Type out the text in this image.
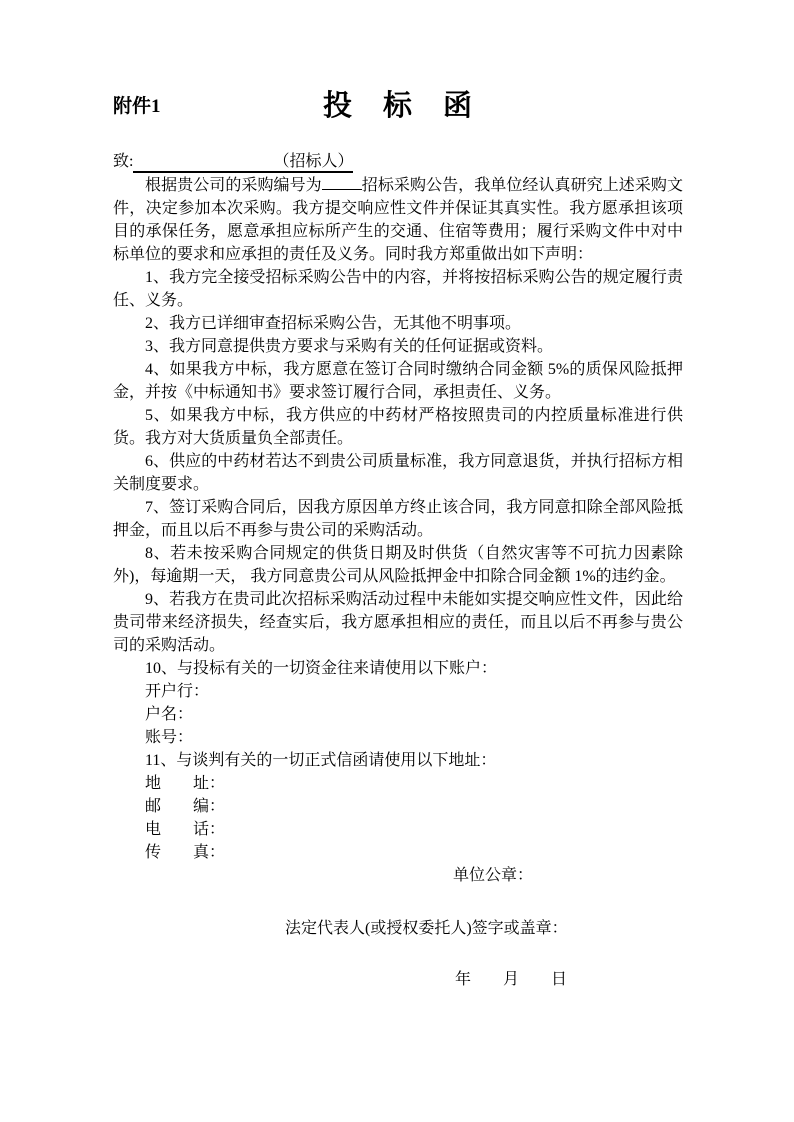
附件1	投　标　函

致:	（招标人）

根据贵公司的采购编号为	招标采购公告，我单位经认真研究上述采购文件，决定参加本次采购。我方提交响应性文件并保证其真实性。我方愿承担该项目的承保任务，愿意承担应标所产生的交通、住宿等费用；履行采购文件中对中标单位的要求和应承担的责任及义务。同时我方郑重做出如下声明：

1、我方完全接受招标采购公告中的内容，并将按招标采购公告的规定履行责任、义务。

2、我方已详细审查招标采购公告，无其他不明事项。

3、我方同意提供贵方要求与采购有关的任何证据或资料。

4、如果我方中标，我方愿意在签订合同时缴纳合同金额 5%的质保风险抵押金，并按《中标通知书》要求签订履行合同，承担责任、义务。

5、如果我方中标，我方供应的中药材严格按照贵司的内控质量标准进行供货。我方对大货质量负全部责任。

6、供应的中药材若达不到贵公司质量标准，我方同意退货，并执行招标方相关制度要求。

7、签订采购合同后，因我方原因单方终止该合同，我方同意扣除全部风险抵押金，而且以后不再参与贵公司的采购活动。

8、若未按采购合同规定的供货日期及时供货（自然灾害等不可抗力因素除外)，每逾期一天， 我方同意贵公司从风险抵押金中扣除合同金额 1%的违约金。

9、若我方在贵司此次招标采购活动过程中未能如实提交响应性文件，因此给贵司带来经济损失，经查实后，我方愿承担相应的责任，而且以后不再参与贵公司的采购活动。

10、与投标有关的一切资金往来请使用以下账户：

开户行：

户名：

账号：

11、与谈判有关的一切正式信函请使用以下地址：

地　　址：

邮　　编：

电　　话：

传　　真：

单位公章：

法定代表人(或授权委托人)签字或盖章：

年　　月　　日
